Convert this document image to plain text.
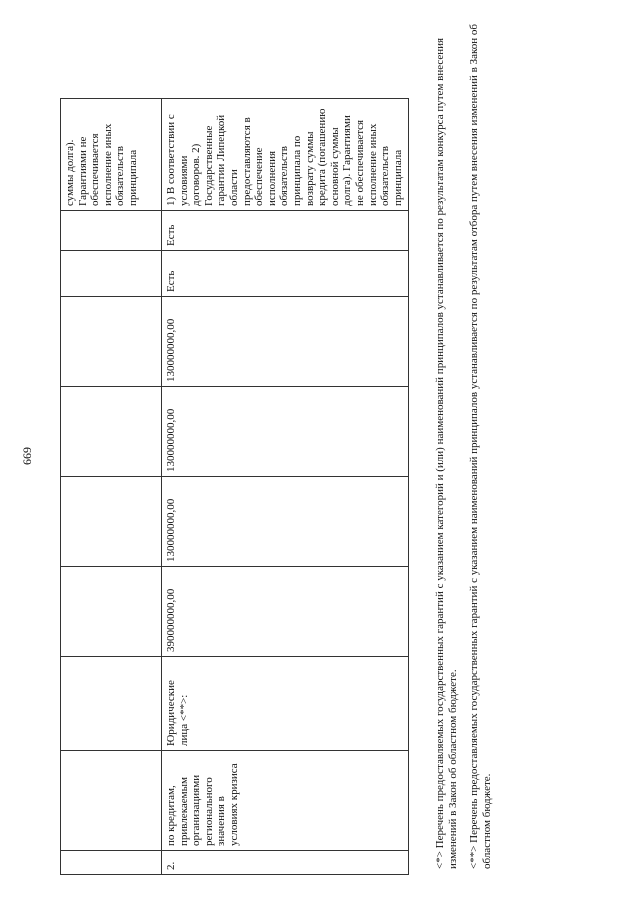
669
									суммы долга). Гарантиями не обеспечивается исполнение иных обязательств принципала
2.	по кредитам, привлекаемым организациями регионального значения в условиях кризиса	Юридические лица <**>:	390000000,00	130000000,00	130000000,00	130000000,00	Есть	Есть	1) В соответствии с условиями договоров. 2) Государственные гарантии Липецкой области предоставляются в обеспечение исполнения обязательств принципала по возврату суммы кредита (погашению основной суммы долга). Гарантиями не обеспечивается исполнение иных обязательств принципала	<*> Перечень предоставляемых государственных гарантий с указанием категорий и (или) наименований принципалов устанавливается по результатам конкурса путем внесения изменений в Закон об областном бюджете. <**> Перечень предоставляемых государственных гарантий с указанием наименований принципалов устанавливается по результатам отбора путем внесения изменений в Закон об областном бюджете.
